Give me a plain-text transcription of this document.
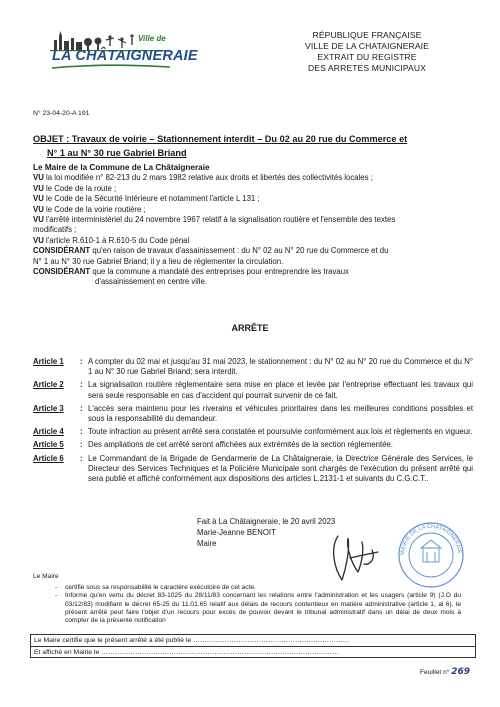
Ville de
LA CHÂTAIGNERAIE
RÉPUBLIQUE FRANÇAISE
VILLE DE LA CHATAIGNERAIE
EXTRAIT DU REGISTRE
DES ARRETES MUNICIPAUX
N° 23-04-20-A 191
OBJET : Travaux de voirie – Stationnement interdit – Du 02 au 20 rue du Commerce et
N° 1 au N° 30 rue Gabriel Briand

Le Maire de la Commune de La Châtaigneraie

VU la loi modifiée n° 82-213 du 2 mars 1982 relative aux droits et libertés des collectivités locales ;

VU le Code de la route ;

VU le Code de la Sécurité Intérieure et notamment l'article L 131 ;

VU le Code de la voirie routière ;

VU l'arrêté interministériel du 24 novembre 1967 relatif à la signalisation routière et l'ensemble des textes

modificatifs ;

VU l'article R.610-1 à R.610-5 du Code pénal

CONSIDÉRANT qu'en raison de travaux d'assainissement : du N° 02 au N° 20 rue du Commerce et du

N° 1 au N° 30 rue Gabriel Briand; il y a lieu de réglementer la circulation.

CONSIDÉRANT que la commune a mandaté des entreprises pour entreprendre les travaux

d'assainissement en centre ville.

ARRÊTE
Article 1	: A compter du 02 mai et jusqu'au 31 mai 2023, le stationnement : du N° 02 au N° 20 rue du Commerce et du N° 1 au N° 30 rue Gabriel Briand; sera interdit.
Article 2	: La signalisation routière réglementaire sera mise en place et levée par l'entreprise effectuant les travaux qui sera seule responsable en cas d'accident qui pourrait survenir de ce fait.
Article 3	: L'accès sera maintenu pour les riverains et véhicules prioritaires dans les meilleures conditions possibles et sous la responsabilité du demandeur.
Article 4	: Toute infraction au présent arrêté sera constatée et poursuivie conformément aux lois et règlements en vigueur.
Article 5	: Des ampliations de cet arrêté seront affichées aux extrémités de la section réglementée.
Article 6	: Le Commandant de la Brigade de Gendarmerie de La Châtaigneraie, la Directrice Générale des Services, le Directeur des Services Techniques et la Policière Municipale sont chargés de l'exécution du présent arrêté qui sera publié et affiché conformément aux dispositions des articles L.2131-1 et suivants du C.G.C.T..
Fait à La Châtaigneraie, le 20 avril 2023
Marie-Jeanne BENOIT
Maire
MAIRIE DE LA CHATAIGNERAIE
Le Maire
- certifie sous sa responsabilité le caractère exécutoire de cet acte.
- Informe qu'en vertu du décret 83-1025 du 28/11/83 concernant les relations entre l'administration et les usagers (article 9) (J.O du 03/12/83) modifiant le décret 65-25 du 11.01.65 relatif aux délais de recours contentieux en matière administrative (article 1, al 6), le présent arrêté peut faire l'objet d'un recours pour excès de pouvoir devant le tribunal administratif dans un délai de deux mois à compter de la présente notification
Le Maire certifie que le présent arrêté a été publié le ……………………………………………………………
Et affiché en Mairie le ……………………………………………………………………………………………
Feuillet n° 269
